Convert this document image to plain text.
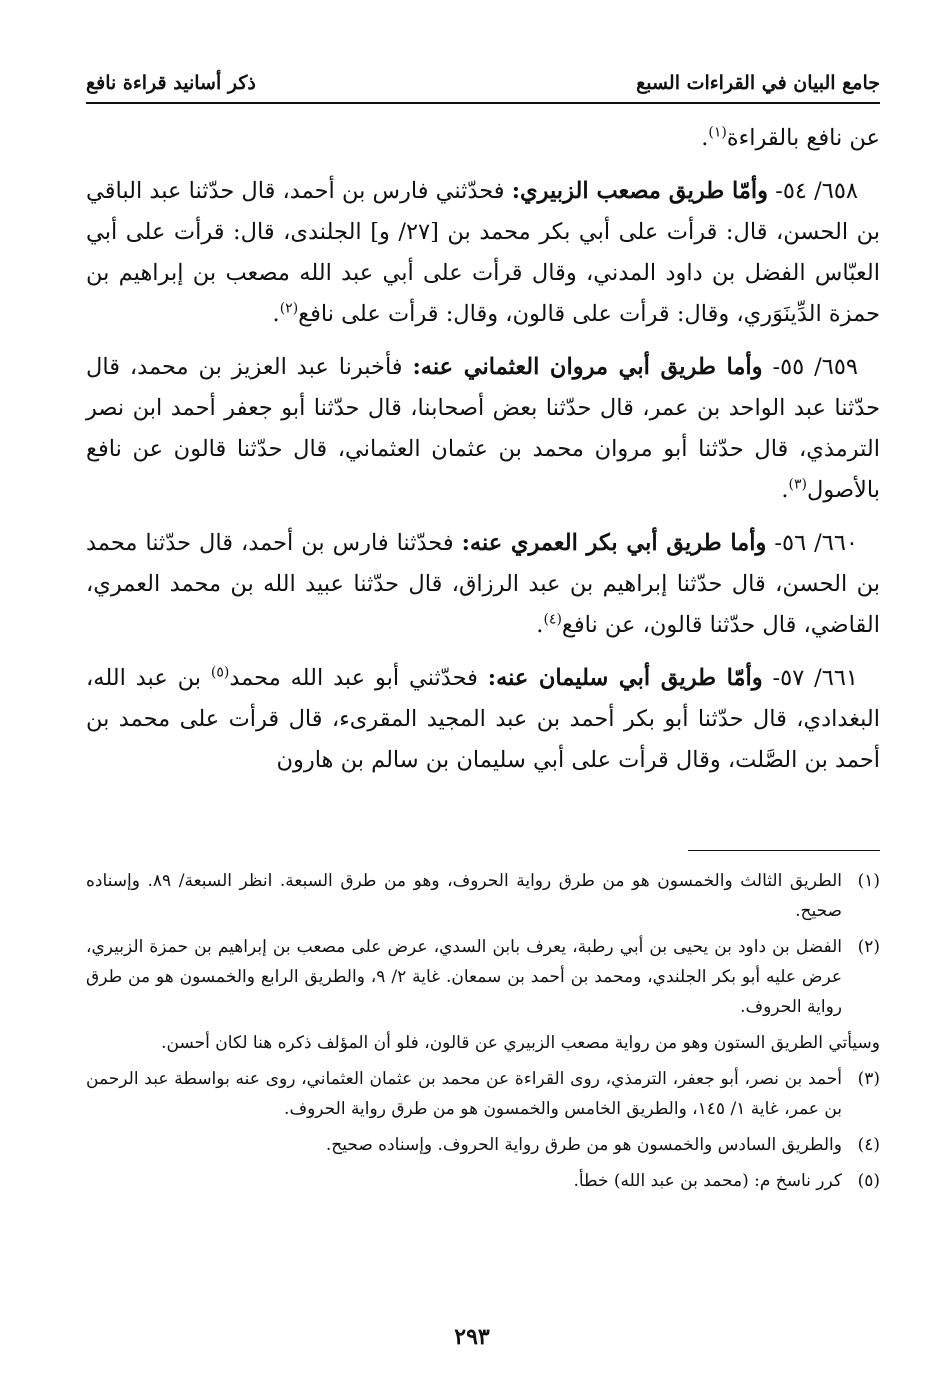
جامع البيان في القراءات السبع
ذكر أسانيد قراءة نافع

عن نافع بالقراءة$^{(١)}$.

٦٥٨/ ٥٤- وأمّا طريق مصعب الزبيري: فحدّثني فارس بن أحمد، قال حدّثنا عبد الباقي بن الحسن، قال: قرأت على أبي بكر محمد بن [٢٧/ و] الجلندى، قال: قرأت على أبي العبّاس الفضل بن داود المدني، وقال قرأت على أبي عبد الله مصعب بن إبراهيم بن حمزة الدِّينَوَري، وقال: قرأت على قالون، وقال: قرأت على نافع$^{(٢)}$.

٦٥٩/ ٥٥- وأما طريق أبي مروان العثماني عنه: فأخبرنا عبد العزيز بن محمد، قال حدّثنا عبد الواحد بن عمر، قال حدّثنا بعض أصحابنا، قال حدّثنا أبو جعفر أحمد ابن نصر الترمذي، قال حدّثنا أبو مروان محمد بن عثمان العثماني، قال حدّثنا قالون عن نافع بالأصول$^{(٣)}$.

٦٦٠/ ٥٦- وأما طريق أبي بكر العمري عنه: فحدّثنا فارس بن أحمد، قال حدّثنا محمد بن الحسن، قال حدّثنا إبراهيم بن عبد الرزاق، قال حدّثنا عبيد الله بن محمد العمري، القاضي، قال حدّثنا قالون، عن نافع$^{(٤)}$.

٦٦١/ ٥٧- وأمّا طريق أبي سليمان عنه: فحدّثني أبو عبد الله محمد$^{(٥)}$ بن عبد الله، البغدادي، قال حدّثنا أبو بكر أحمد بن عبد المجيد المقرىء، قال قرأت على محمد بن أحمد بن الصَّلت، وقال قرأت على أبي سليمان بن سالم بن هارون

(١)
الطريق الثالث والخمسون هو من طرق رواية الحروف، وهو من طرق السبعة. انظر السبعة/ ٨٩. وإسناده صحيح.
(٢)
الفضل بن داود بن يحيى بن أبي رطبة، يعرف بابن السدي، عرض على مصعب بن إبراهيم بن حمزة الزبيري، عرض عليه أبو بكر الجلندي، ومحمد بن أحمد بن سمعان. غاية ٢/ ٩، والطريق الرابع والخمسون هو من طرق رواية الحروف.
وسيأتي الطريق الستون وهو من رواية مصعب الزبيري عن قالون، فلو أن المؤلف ذكره هنا لكان أحسن.
(٣)
أحمد بن نصر، أبو جعفر، الترمذي، روى القراءة عن محمد بن عثمان العثماني، روى عنه بواسطة عبد الرحمن بن عمر، غاية ١/ ١٤٥، والطريق الخامس والخمسون هو من طرق رواية الحروف.
(٤)
والطريق السادس والخمسون هو من طرق رواية الحروف. وإسناده صحيح.
(٥)
كرر ناسخ م: (محمد بن عبد الله) خطأ.
٢٩٣
